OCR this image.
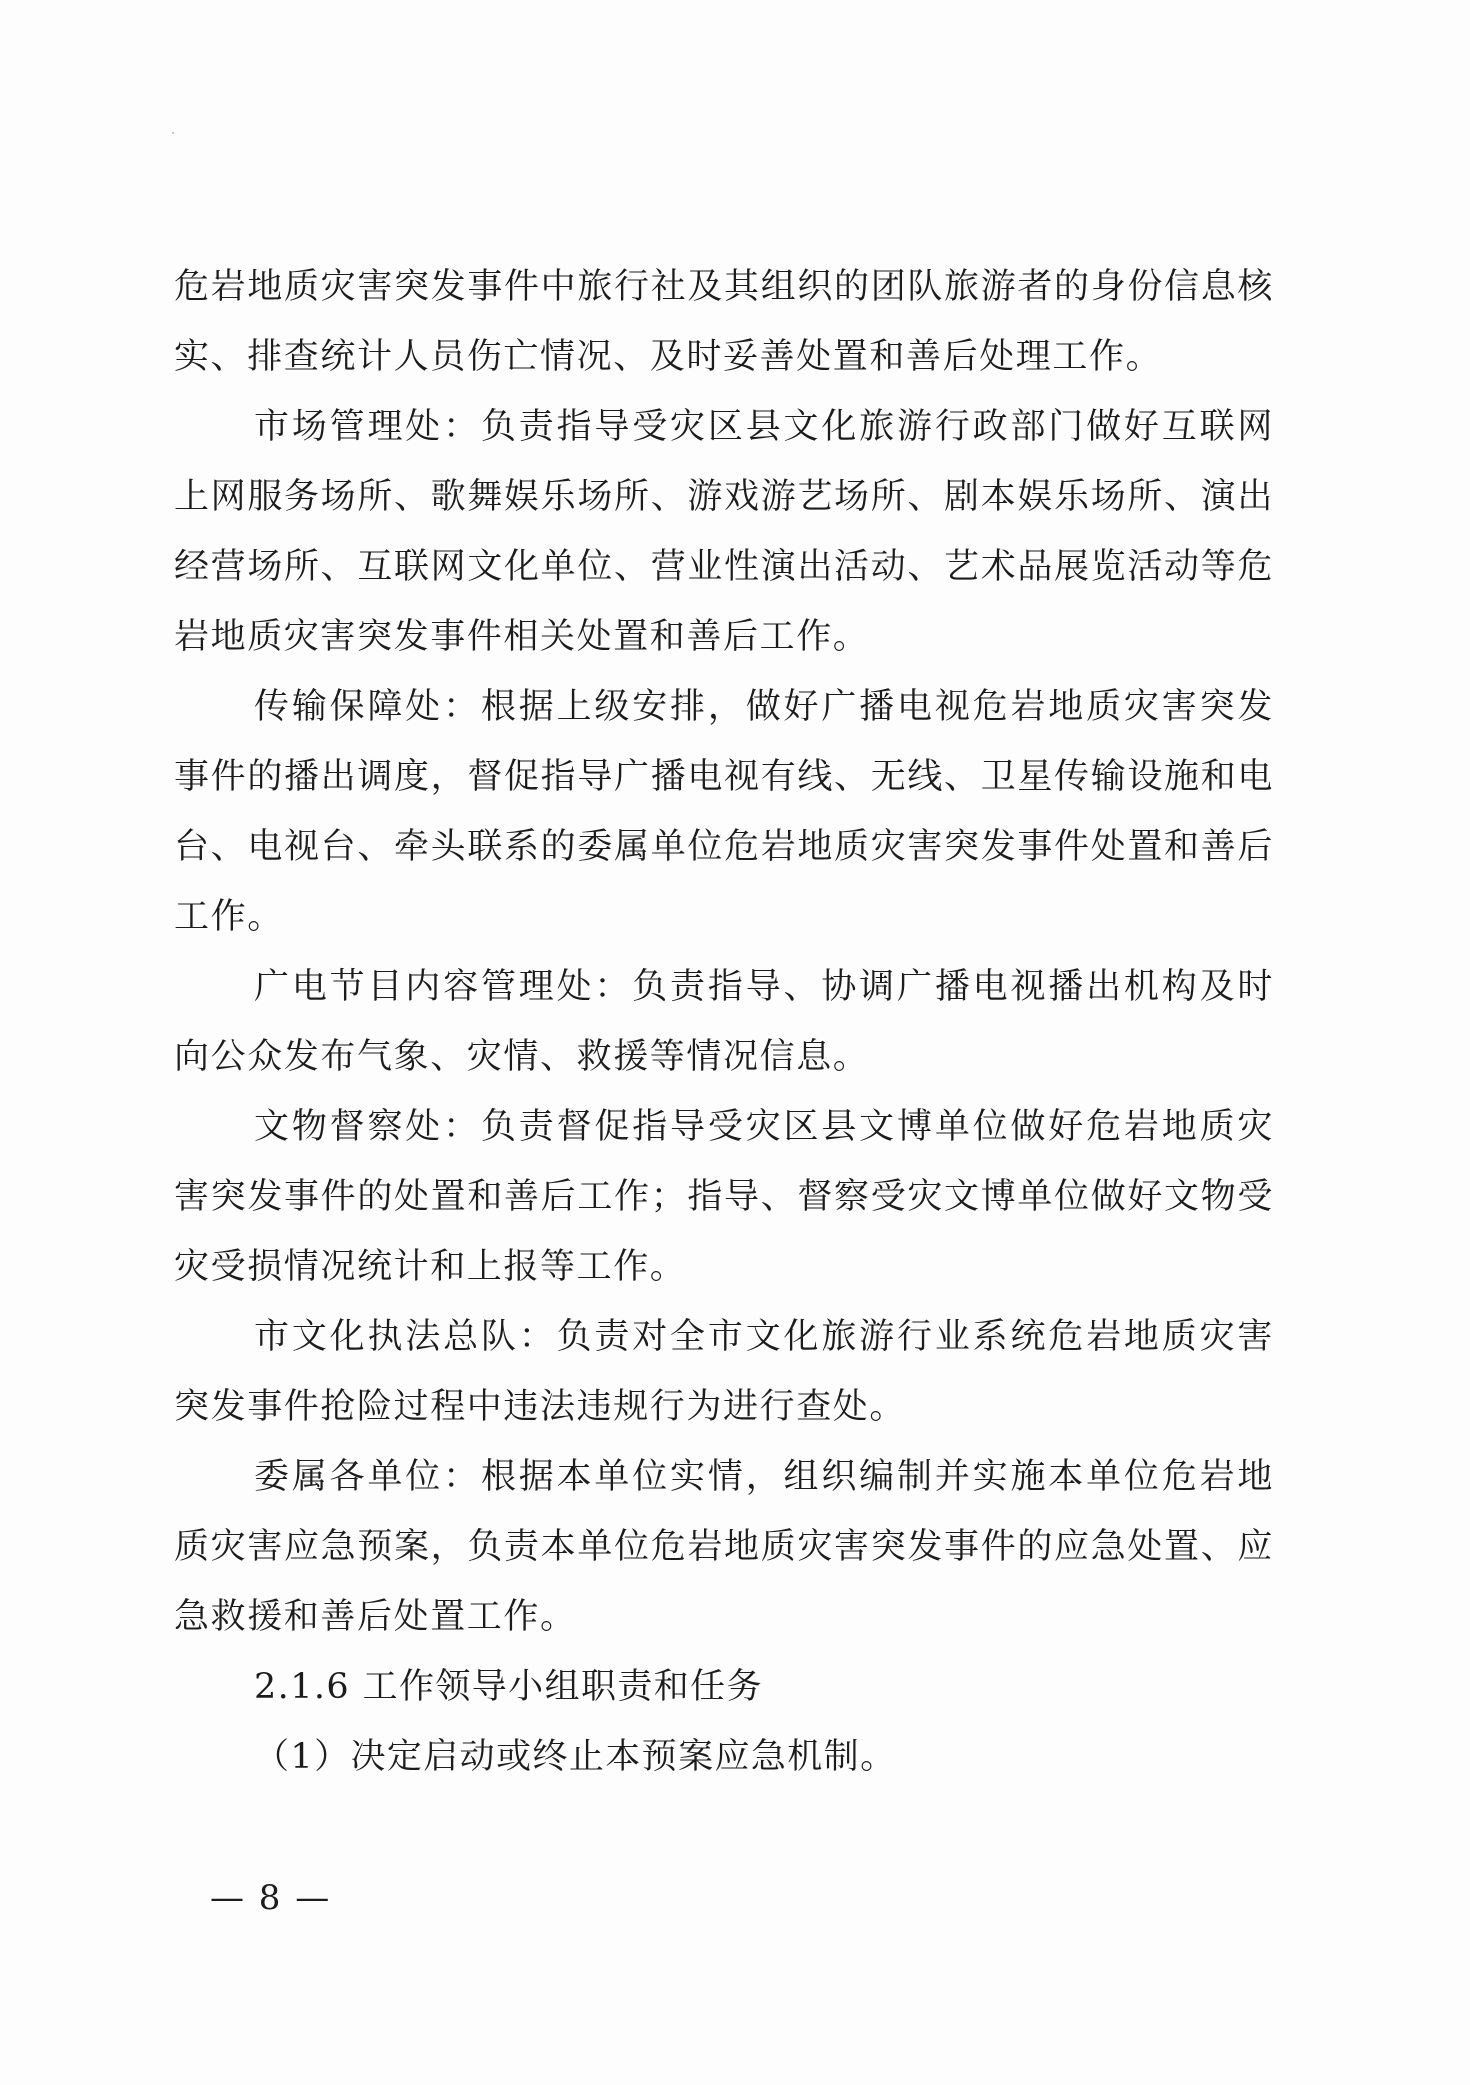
危岩地质灾害突发事件中旅行社及其组织的团队旅游者的身份信息核实、排查统计人员伤亡情况、及时妥善处置和善后处理工作。

市场管理处：负责指导受灾区县文化旅游行政部门做好互联网上网服务场所、歌舞娱乐场所、游戏游艺场所、剧本娱乐场所、演出经营场所、互联网文化单位、营业性演出活动、艺术品展览活动等危岩地质灾害突发事件相关处置和善后工作。

传输保障处：根据上级安排，做好广播电视危岩地质灾害突发事件的播出调度，督促指导广播电视有线、无线、卫星传输设施和电台、电视台、牵头联系的委属单位危岩地质灾害突发事件处置和善后工作。

广电节目内容管理处：负责指导、协调广播电视播出机构及时向公众发布气象、灾情、救援等情况信息。

文物督察处：负责督促指导受灾区县文博单位做好危岩地质灾害突发事件的处置和善后工作；指导、督察受灾文博单位做好文物受灾受损情况统计和上报等工作。

市文化执法总队：负责对全市文化旅游行业系统危岩地质灾害突发事件抢险过程中违法违规行为进行查处。

委属各单位：根据本单位实情，组织编制并实施本单位危岩地质灾害应急预案，负责本单位危岩地质灾害突发事件的应急处置、应急救援和善后处置工作。

2.1.6 工作领导小组职责和任务

（1）决定启动或终止本预案应急机制。

— 8 —
